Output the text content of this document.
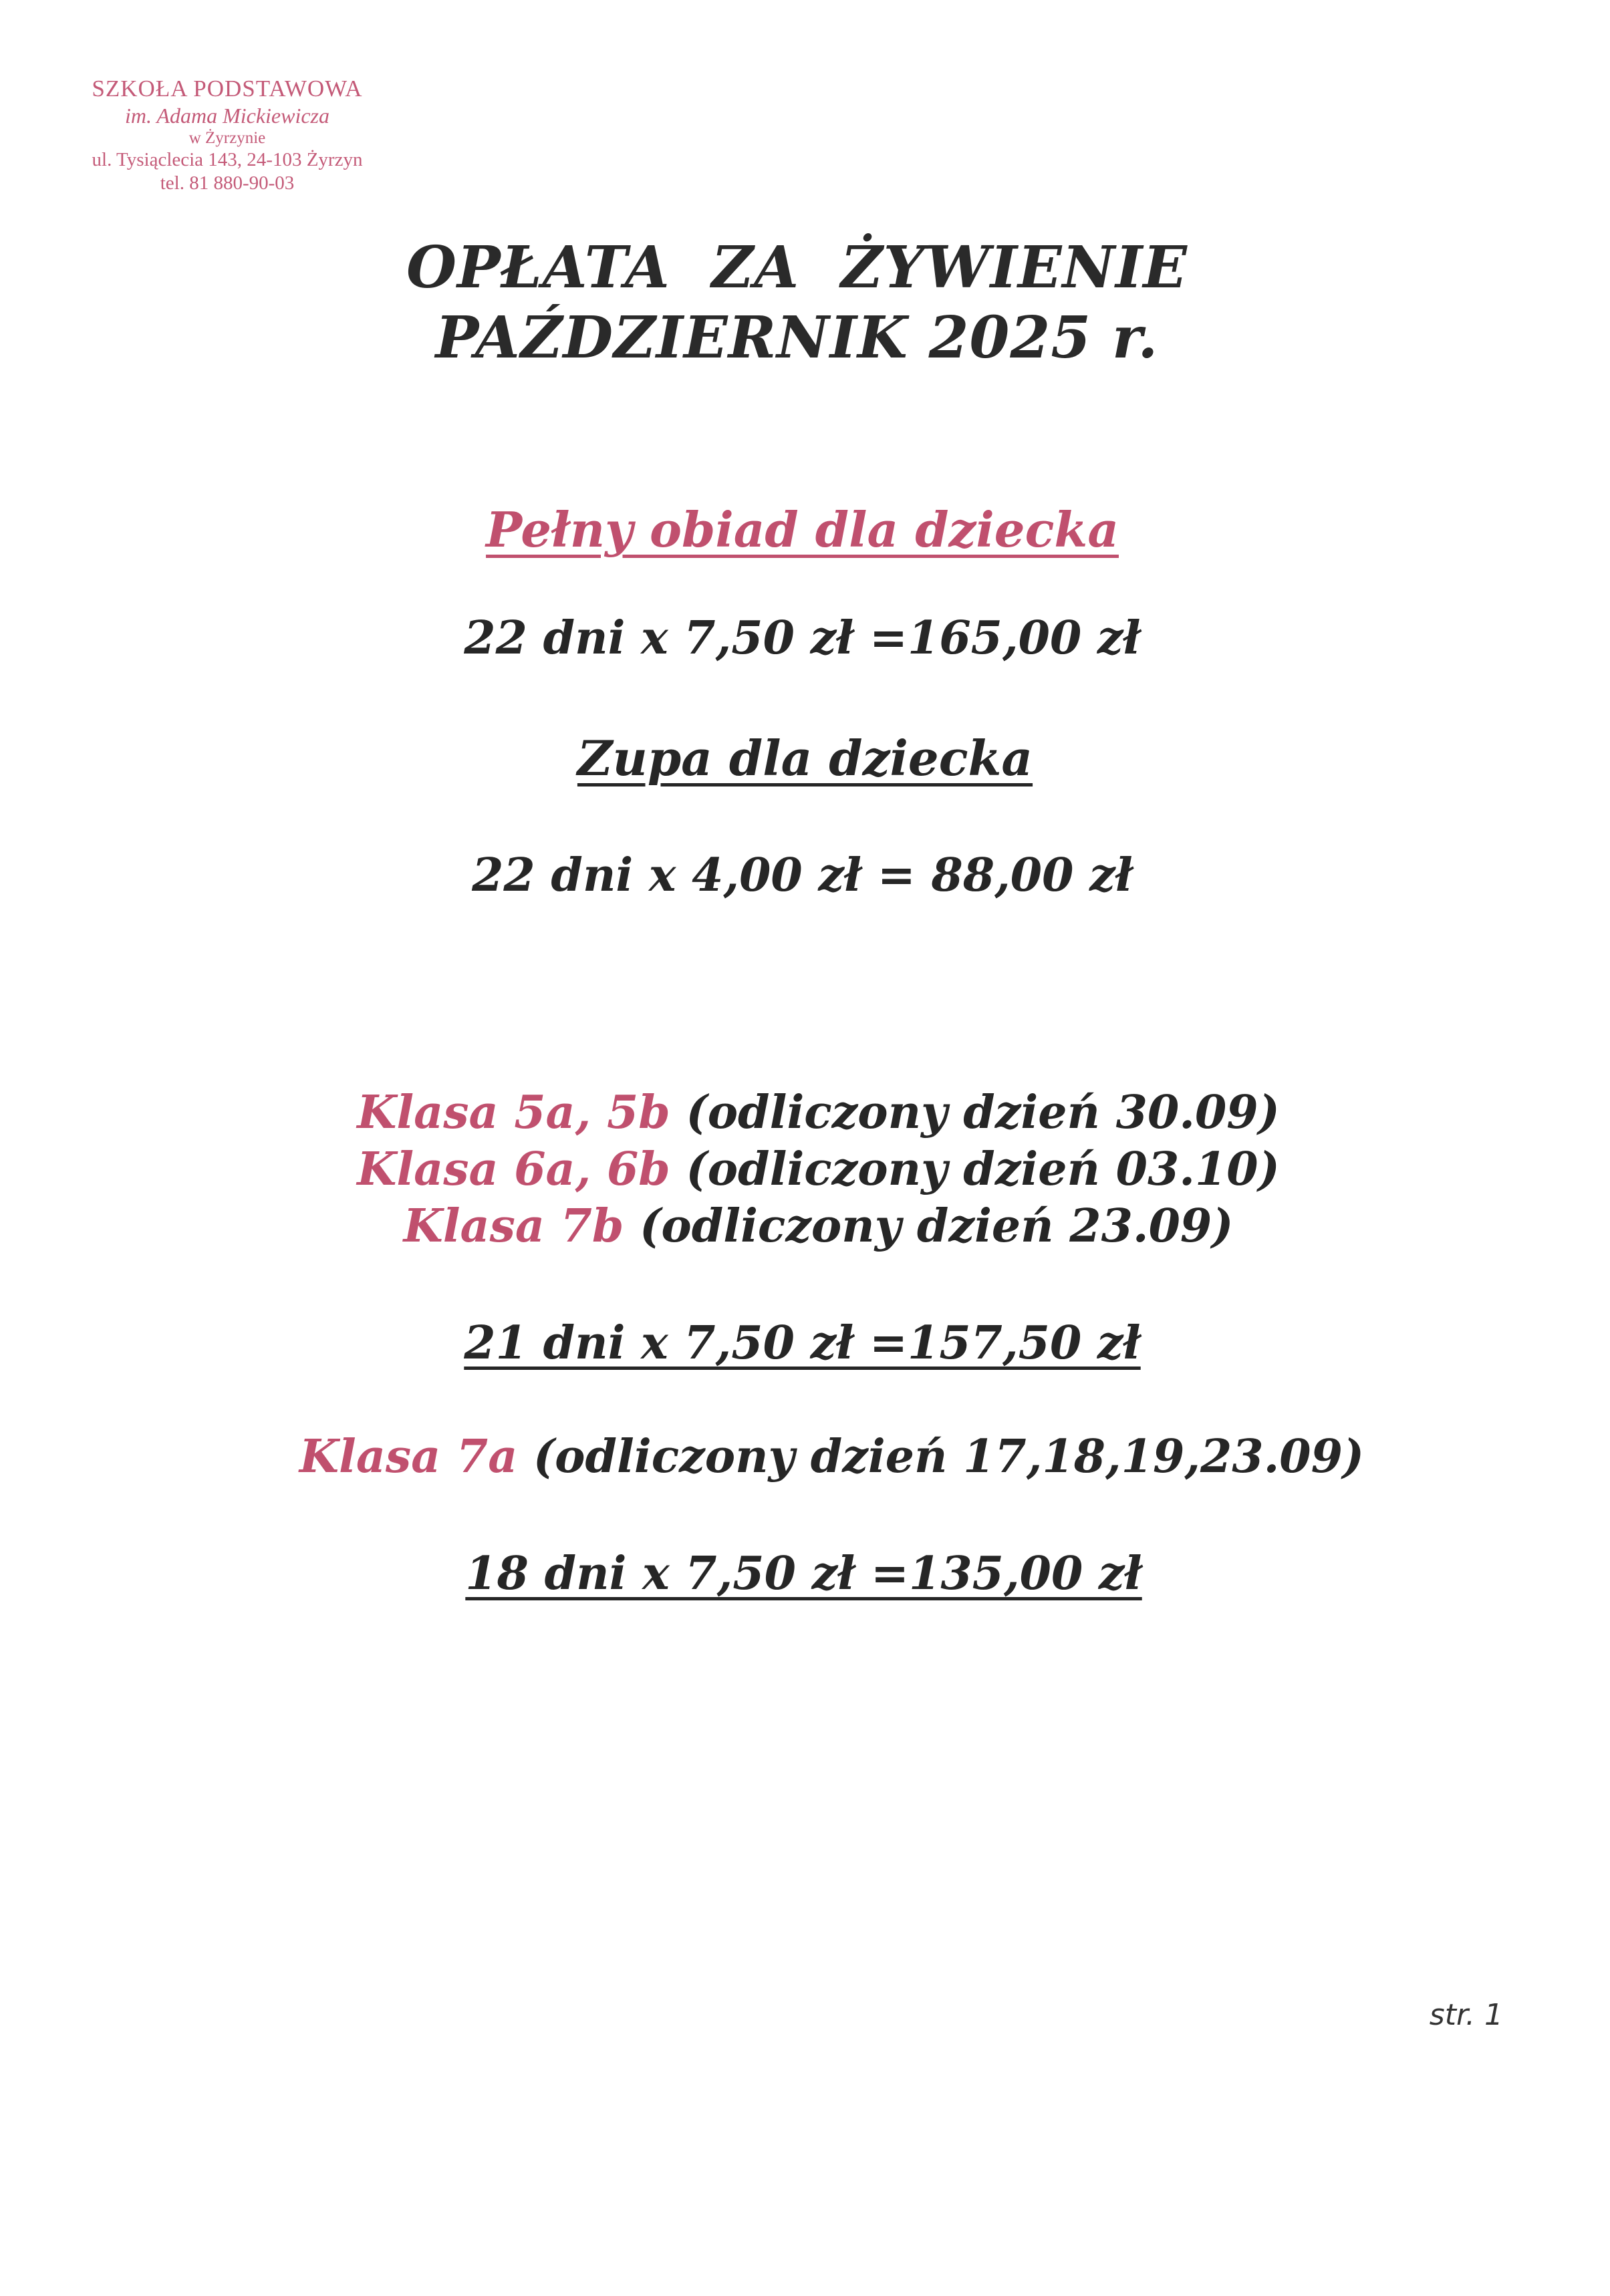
SZKOŁA PODSTAWOWA
im. Adama Mickiewicza
w Żyrzynie
ul. Tysiąclecia 143, 24-103 Żyrzyn
tel. 81 880-90-03
OPŁATA  ZA  ŻYWIENIE
PAŹDZIERNIK 2025 r.
Pełny obiad dla dziecka
22 dni x 7,50 zł =165,00 zł
Zupa dla dziecka
22 dni x 4,00 zł = 88,00 zł
Klasa 5a, 5b (odliczony dzień 30.09)
Klasa 6a, 6b (odliczony dzień 03.10)
Klasa 7b (odliczony dzień 23.09)
21 dni x 7,50 zł =157,50 zł
Klasa 7a (odliczony dzień 17,18,19,23.09)
18 dni x 7,50 zł =135,00 zł
str. 1
